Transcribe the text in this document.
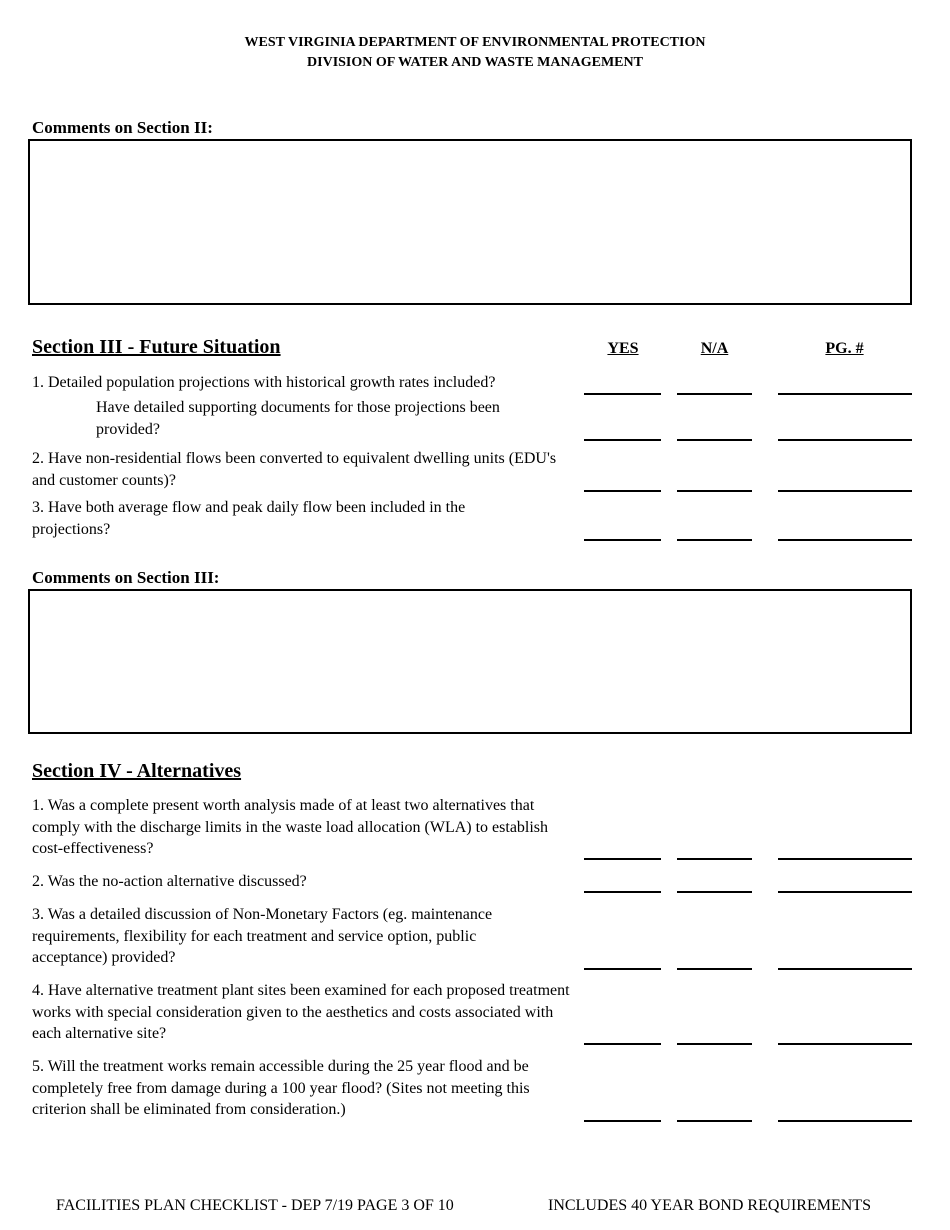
WEST VIRGINIA DEPARTMENT OF ENVIRONMENTAL PROTECTION
DIVISION OF WATER AND WASTE MANAGEMENT
Comments on Section II:
Section III - Future Situation	YES	N/A	PG. #
1. Detailed population projections with historical growth rates included?
Have detailed supporting documents for those projections been provided?
2. Have non-residential flows been converted to equivalent dwelling units (EDU's and customer counts)?
3. Have both average flow and peak daily flow been included in the projections?
Comments on Section III:
Section IV - Alternatives
1. Was a complete present worth analysis made of at least two alternatives that comply with the discharge limits in the waste load allocation (WLA) to establish cost-effectiveness?
2. Was the no-action alternative discussed?
3. Was a detailed discussion of Non-Monetary Factors (eg. maintenance requirements, flexibility for each treatment and service option, public acceptance) provided?
4. Have alternative treatment plant sites been examined for each proposed treatment works with special consideration given to the aesthetics and costs associated with each alternative site?
5. Will the treatment works remain accessible during the 25 year flood and be completely free from damage during a 100 year flood? (Sites not meeting this criterion shall be eliminated from consideration.)
FACILITIES PLAN CHECKLIST - DEP 7/19 PAGE 3 OF 10	INCLUDES 40 YEAR BOND REQUIREMENTS
